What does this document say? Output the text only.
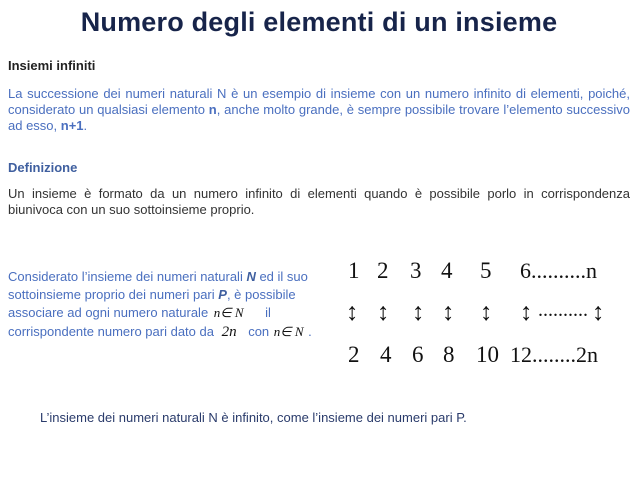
Numero degli elementi di un insieme
Insiemi infiniti
La successione dei numeri naturali N è un esempio di insieme con un numero infinito di elementi, poiché, considerato un qualsiasi elemento n, anche molto grande, è sempre possibile trovare l’elemento successivo ad esso, n+1.
Definizione
Un insieme è formato da un numero infinito di elementi quando è possibile porlo in corrispondenza biunivoca con un suo sottoinsieme proprio.
Considerato l’insieme dei numeri naturali N ed il suo sottoinsieme proprio dei numeri pari P, è possibile associare ad ogni numero naturale n∈ N il corrispondente numero pari dato da 2n con n∈ N .
1 2 3 4 5 6..........n
↕ ↕ ↕ ↕ ↕ ↕ .......... ↕
2 4 6 8 10 12........2n
L’insieme dei numeri naturali N è infinito, come l’insieme dei numeri pari P.
